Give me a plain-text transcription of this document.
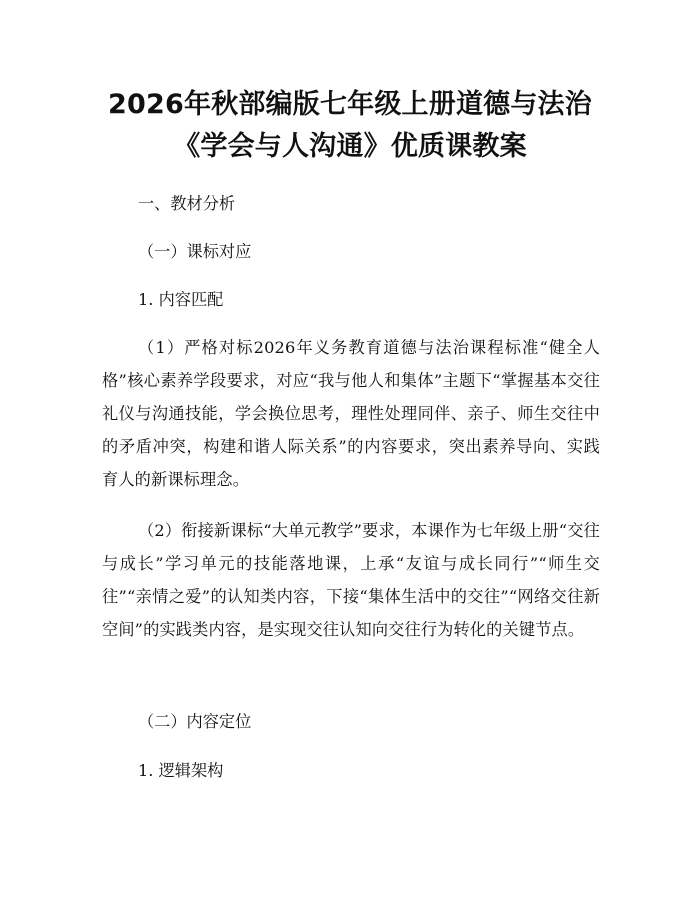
2026年秋部编版七年级上册道德与法治《学会与人沟通》优质课教案

一、教材分析

（一）课标对应

1. 内容匹配

（1）严格对标2026年义务教育道德与法治课程标准“健全人格”核心素养学段要求，对应“我与他人和集体”主题下“掌握基本交往礼仪与沟通技能，学会换位思考，理性处理同伴、亲子、师生交往中的矛盾冲突，构建和谐人际关系”的内容要求，突出素养导向、实践育人的新课标理念。

（2）衔接新课标“大单元教学”要求，本课作为七年级上册“交往与成长”学习单元的技能落地课，上承“友谊与成长同行”“师生交往”“亲情之爱”的认知类内容，下接“集体生活中的交往”“网络交往新空间”的实践类内容，是实现交往认知向交往行为转化的关键节点。

（二）内容定位

1. 逻辑架构
